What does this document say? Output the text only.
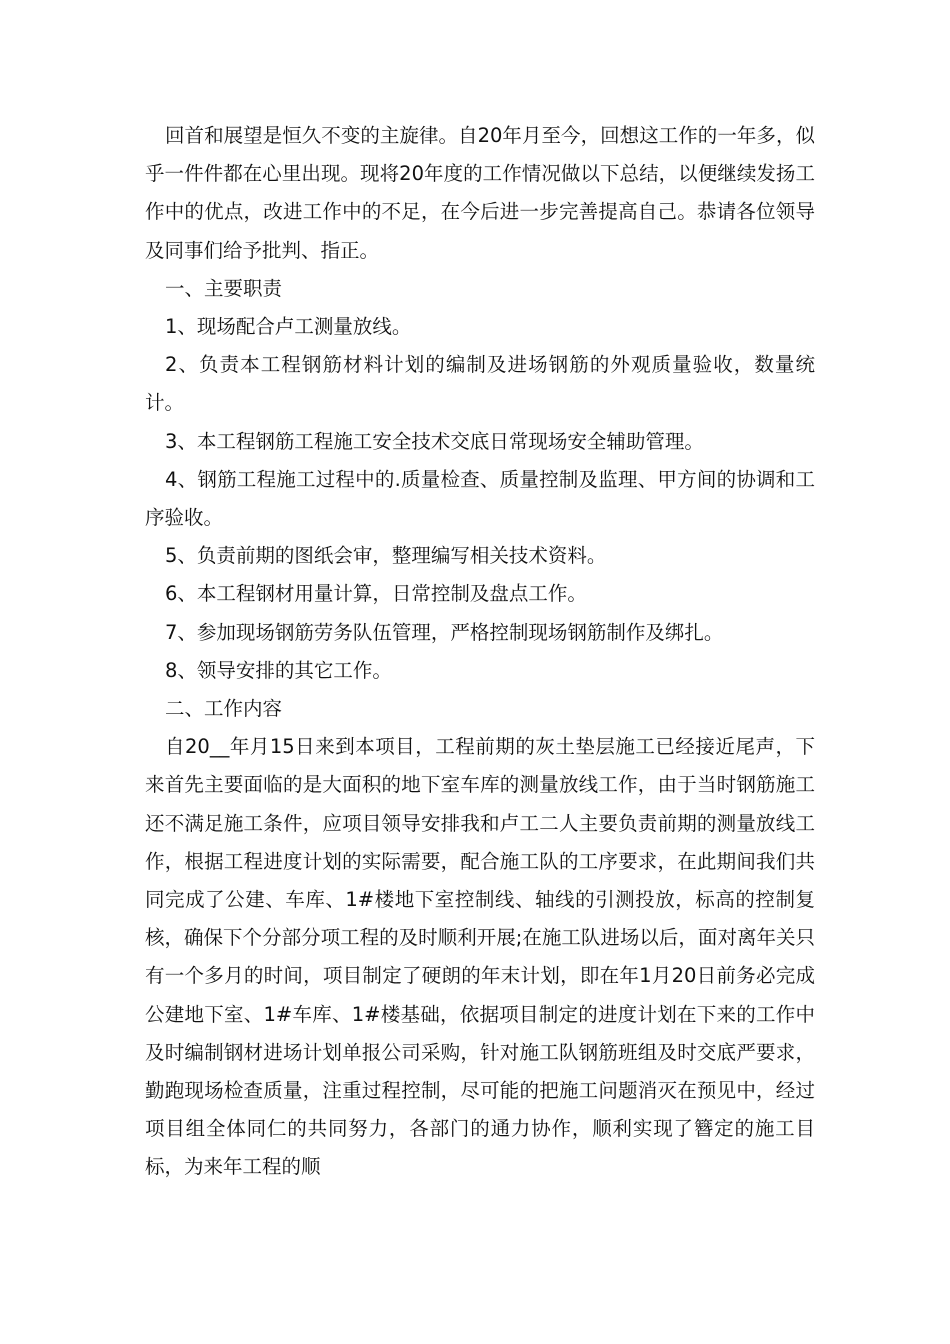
回首和展望是恒久不变的主旋律。自20年月至今，回想这工作的一年多，似乎一件件都在心里出现。现将20年度的工作情况做以下总结，以便继续发扬工作中的优点，改进工作中的不足，在今后进一步完善提高自己。恭请各位领导及同事们给予批判、指正。

一、主要职责

1、现场配合卢工测量放线。

2、负责本工程钢筋材料计划的编制及进场钢筋的外观质量验收，数量统计。

3、本工程钢筋工程施工安全技术交底日常现场安全辅助管理。

4、钢筋工程施工过程中的.质量检查、质量控制及监理、甲方间的协调和工序验收。

5、负责前期的图纸会审，整理编写相关技术资料。

6、本工程钢材用量计算，日常控制及盘点工作。

7、参加现场钢筋劳务队伍管理，严格控制现场钢筋制作及绑扎。

8、领导安排的其它工作。

二、工作内容

自20__年月15日来到本项目，工程前期的灰土垫层施工已经接近尾声，下来首先主要面临的是大面积的地下室车库的测量放线工作，由于当时钢筋施工还不满足施工条件，应项目领导安排我和卢工二人主要负责前期的测量放线工作，根据工程进度计划的实际需要，配合施工队的工序要求，在此期间我们共同完成了公建、车库、1#楼地下室控制线、轴线的引测投放，标高的控制复核，确保下个分部分项工程的及时顺利开展;在施工队进场以后，面对离年关只有一个多月的时间，项目制定了硬朗的年末计划，即在年1月20日前务必完成公建地下室、1#车库、1#楼基础，依据项目制定的进度计划在下来的工作中及时编制钢材进场计划单报公司采购，针对施工队钢筋班组及时交底严要求，勤跑现场检查质量，注重过程控制，尽可能的把施工问题消灭在预见中，经过项目组全体同仁的共同努力，各部门的通力协作，顺利实现了簪定的施工目标，为来年工程的顺
